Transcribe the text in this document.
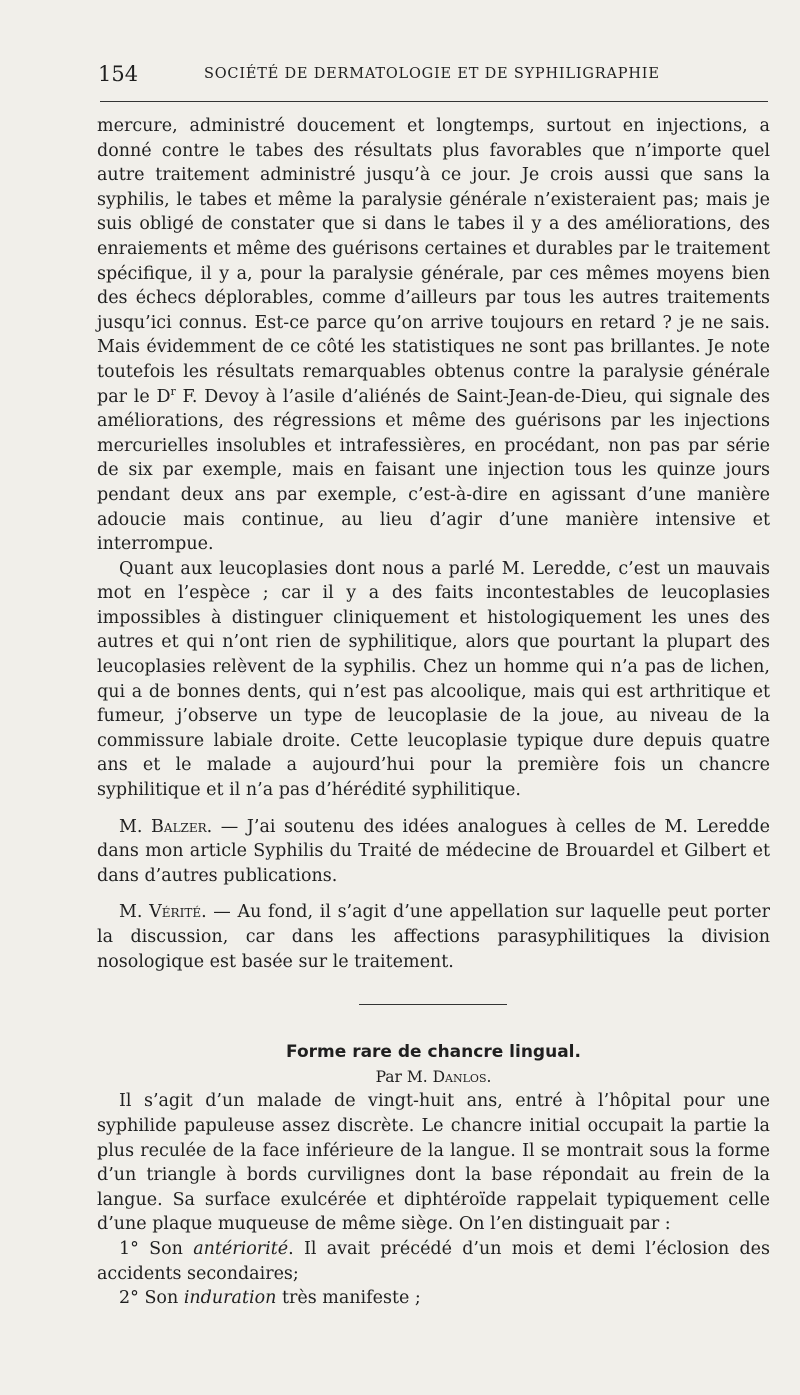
154	SOCIÉTÉ DE DERMATOLOGIE ET DE SYPHILIGRAPHIE

mercure, administré doucement et longtemps, surtout en injections, a donné contre le tabes des résultats plus favorables que n’importe quel autre traitement administré jusqu’à ce jour. Je crois aussi que sans la syphilis, le tabes et même la paralysie générale n’existeraient pas; mais je suis obligé de constater que si dans le tabes il y a des améliorations, des enraiements et même des guérisons certaines et durables par le traitement spécifique, il y a, pour la paralysie générale, par ces mêmes moyens bien des échecs déplorables, comme d’ailleurs par tous les autres traitements jusqu’ici connus. Est-ce parce qu’on arrive toujours en retard ? je ne sais. Mais évidemment de ce côté les statistiques ne sont pas brillantes. Je note toutefois les résultats remarquables obtenus contre la paralysie générale par le $D^r$ F. Devoy à l’asile d’aliénés de Saint-Jean-de-Dieu, qui signale des améliorations, des régressions et même des guérisons par les injections mercurielles insolubles et intrafessières, en procédant, non pas par série de six par exemple, mais en faisant une injection tous les quinze jours pendant deux ans par exemple, c’est-à-dire en agissant d’une manière adoucie mais continue, au lieu d’agir d’une manière intensive et interrompue.

Quant aux leucoplasies dont nous a parlé M. Leredde, c’est un mauvais mot en l’espèce ; car il y a des faits incontestables de leucoplasies impossibles à distinguer cliniquement et histologiquement les unes des autres et qui n’ont rien de syphilitique, alors que pourtant la plupart des leucoplasies relèvent de la syphilis. Chez un homme qui n’a pas de lichen, qui a de bonnes dents, qui n’est pas alcoolique, mais qui est arthritique et fumeur, j’observe un type de leucoplasie de la joue, au niveau de la commissure labiale droite. Cette leucoplasie typique dure depuis quatre ans et le malade a aujourd’hui pour la première fois un chancre syphilitique et il n’a pas d’hérédité syphilitique.

M. Balzer. — J’ai soutenu des idées analogues à celles de M. Leredde dans mon article Syphilis du Traité de médecine de Brouardel et Gilbert et dans d’autres publications.

M. Vérité. — Au fond, il s’agit d’une appellation sur laquelle peut porter la discussion, car dans les affections parasyphilitiques la division nosologique est basée sur le traitement.

Forme rare de chancre lingual.

Par M. Danlos.

Il s’agit d’un malade de vingt-huit ans, entré à l’hôpital pour une syphilide papuleuse assez discrète. Le chancre initial occupait la partie la plus reculée de la face inférieure de la langue. Il se montrait sous la forme d’un triangle à bords curvilignes dont la base répondait au frein de la langue. Sa surface exulcérée et diphtéroïde rappelait typiquement celle d’une plaque muqueuse de même siège. On l’en distinguait par :

1° Son antériorité. Il avait précédé d’un mois et demi l’éclosion des accidents secondaires;

2° Son induration très manifeste ;
